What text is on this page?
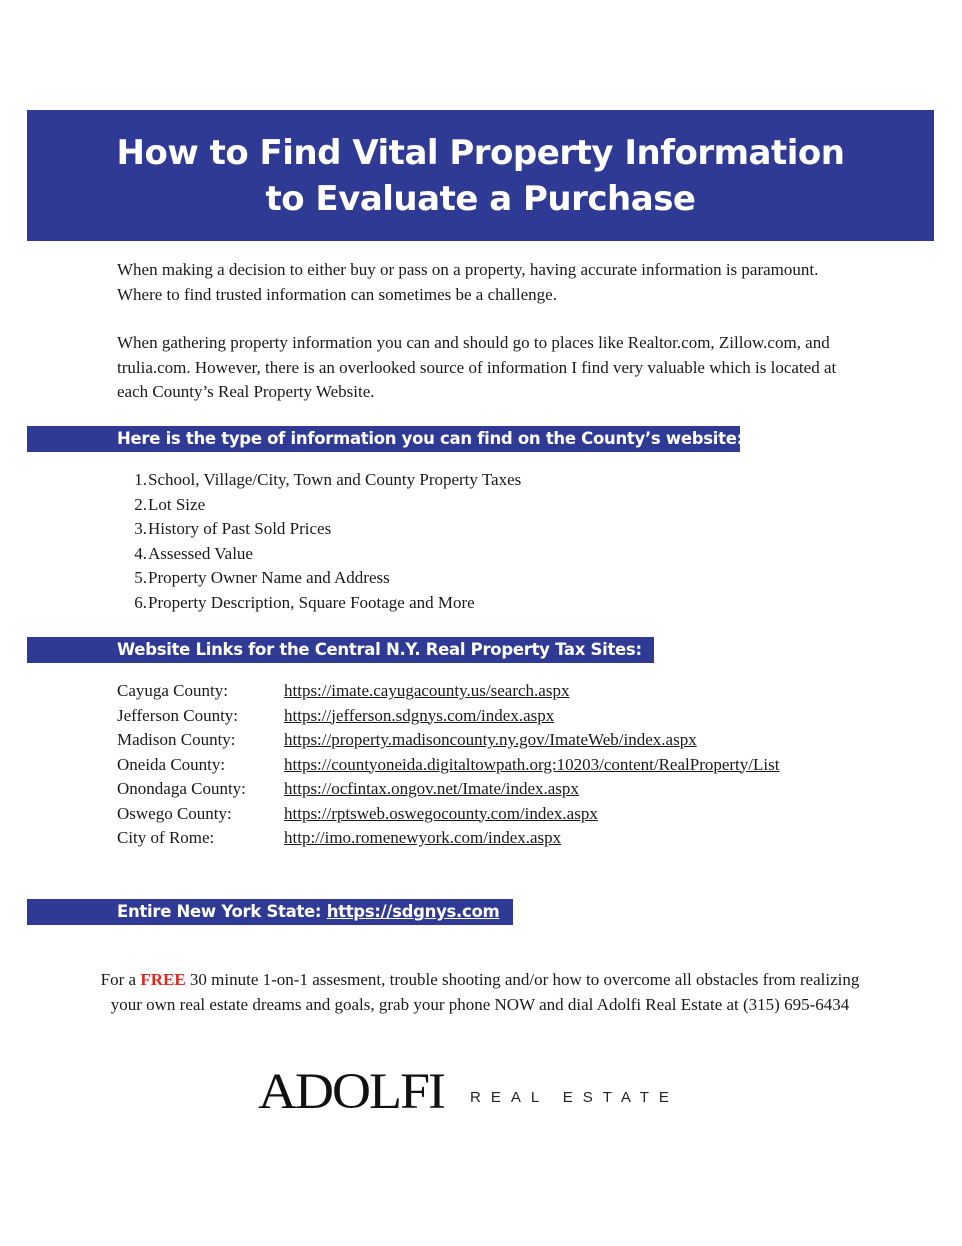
How to Find Vital Property Information
to Evaluate a Purchase

When making a decision to either buy or pass on a property, having accurate information is paramount. Where to find trusted information can sometimes be a challenge.

When gathering property information you can and should go to places like Realtor.com, Zillow.com, and trulia.com. However, there is an overlooked source of information I find very valuable which is located at each County’s Real Property Website.

Here is the type of information you can find on the County’s website:
1. School, Village/City, Town and County Property Taxes
2. Lot Size
3. History of Past Sold Prices
4. Assessed Value
5. Property Owner Name and Address
6. Property Description, Square Footage and More
Website Links for the Central N.Y. Real Property Tax Sites:
Cayuga County:	https://imate.cayugacounty.us/search.aspx
Jefferson County:	https://jefferson.sdgnys.com/index.aspx
Madison County:	https://property.madisoncounty.ny.gov/ImateWeb/index.aspx
Oneida County:	https://countyoneida.digitaltowpath.org:10203/content/RealProperty/List
Onondaga County:	https://ocfintax.ongov.net/Imate/index.aspx
Oswego County:	https://rptsweb.oswegocounty.com/index.aspx
City of Rome:	http://imo.romenewyork.com/index.aspx
Entire New York State: https://sdgnys.com

For a FREE 30 minute 1-on-1 assesment, trouble shooting and/or how to overcome all obstacles from realizing your own real estate dreams and goals, grab your phone NOW and dial Adolfi Real Estate at (315) 695-6434

ADOLFI REAL ESTATE
